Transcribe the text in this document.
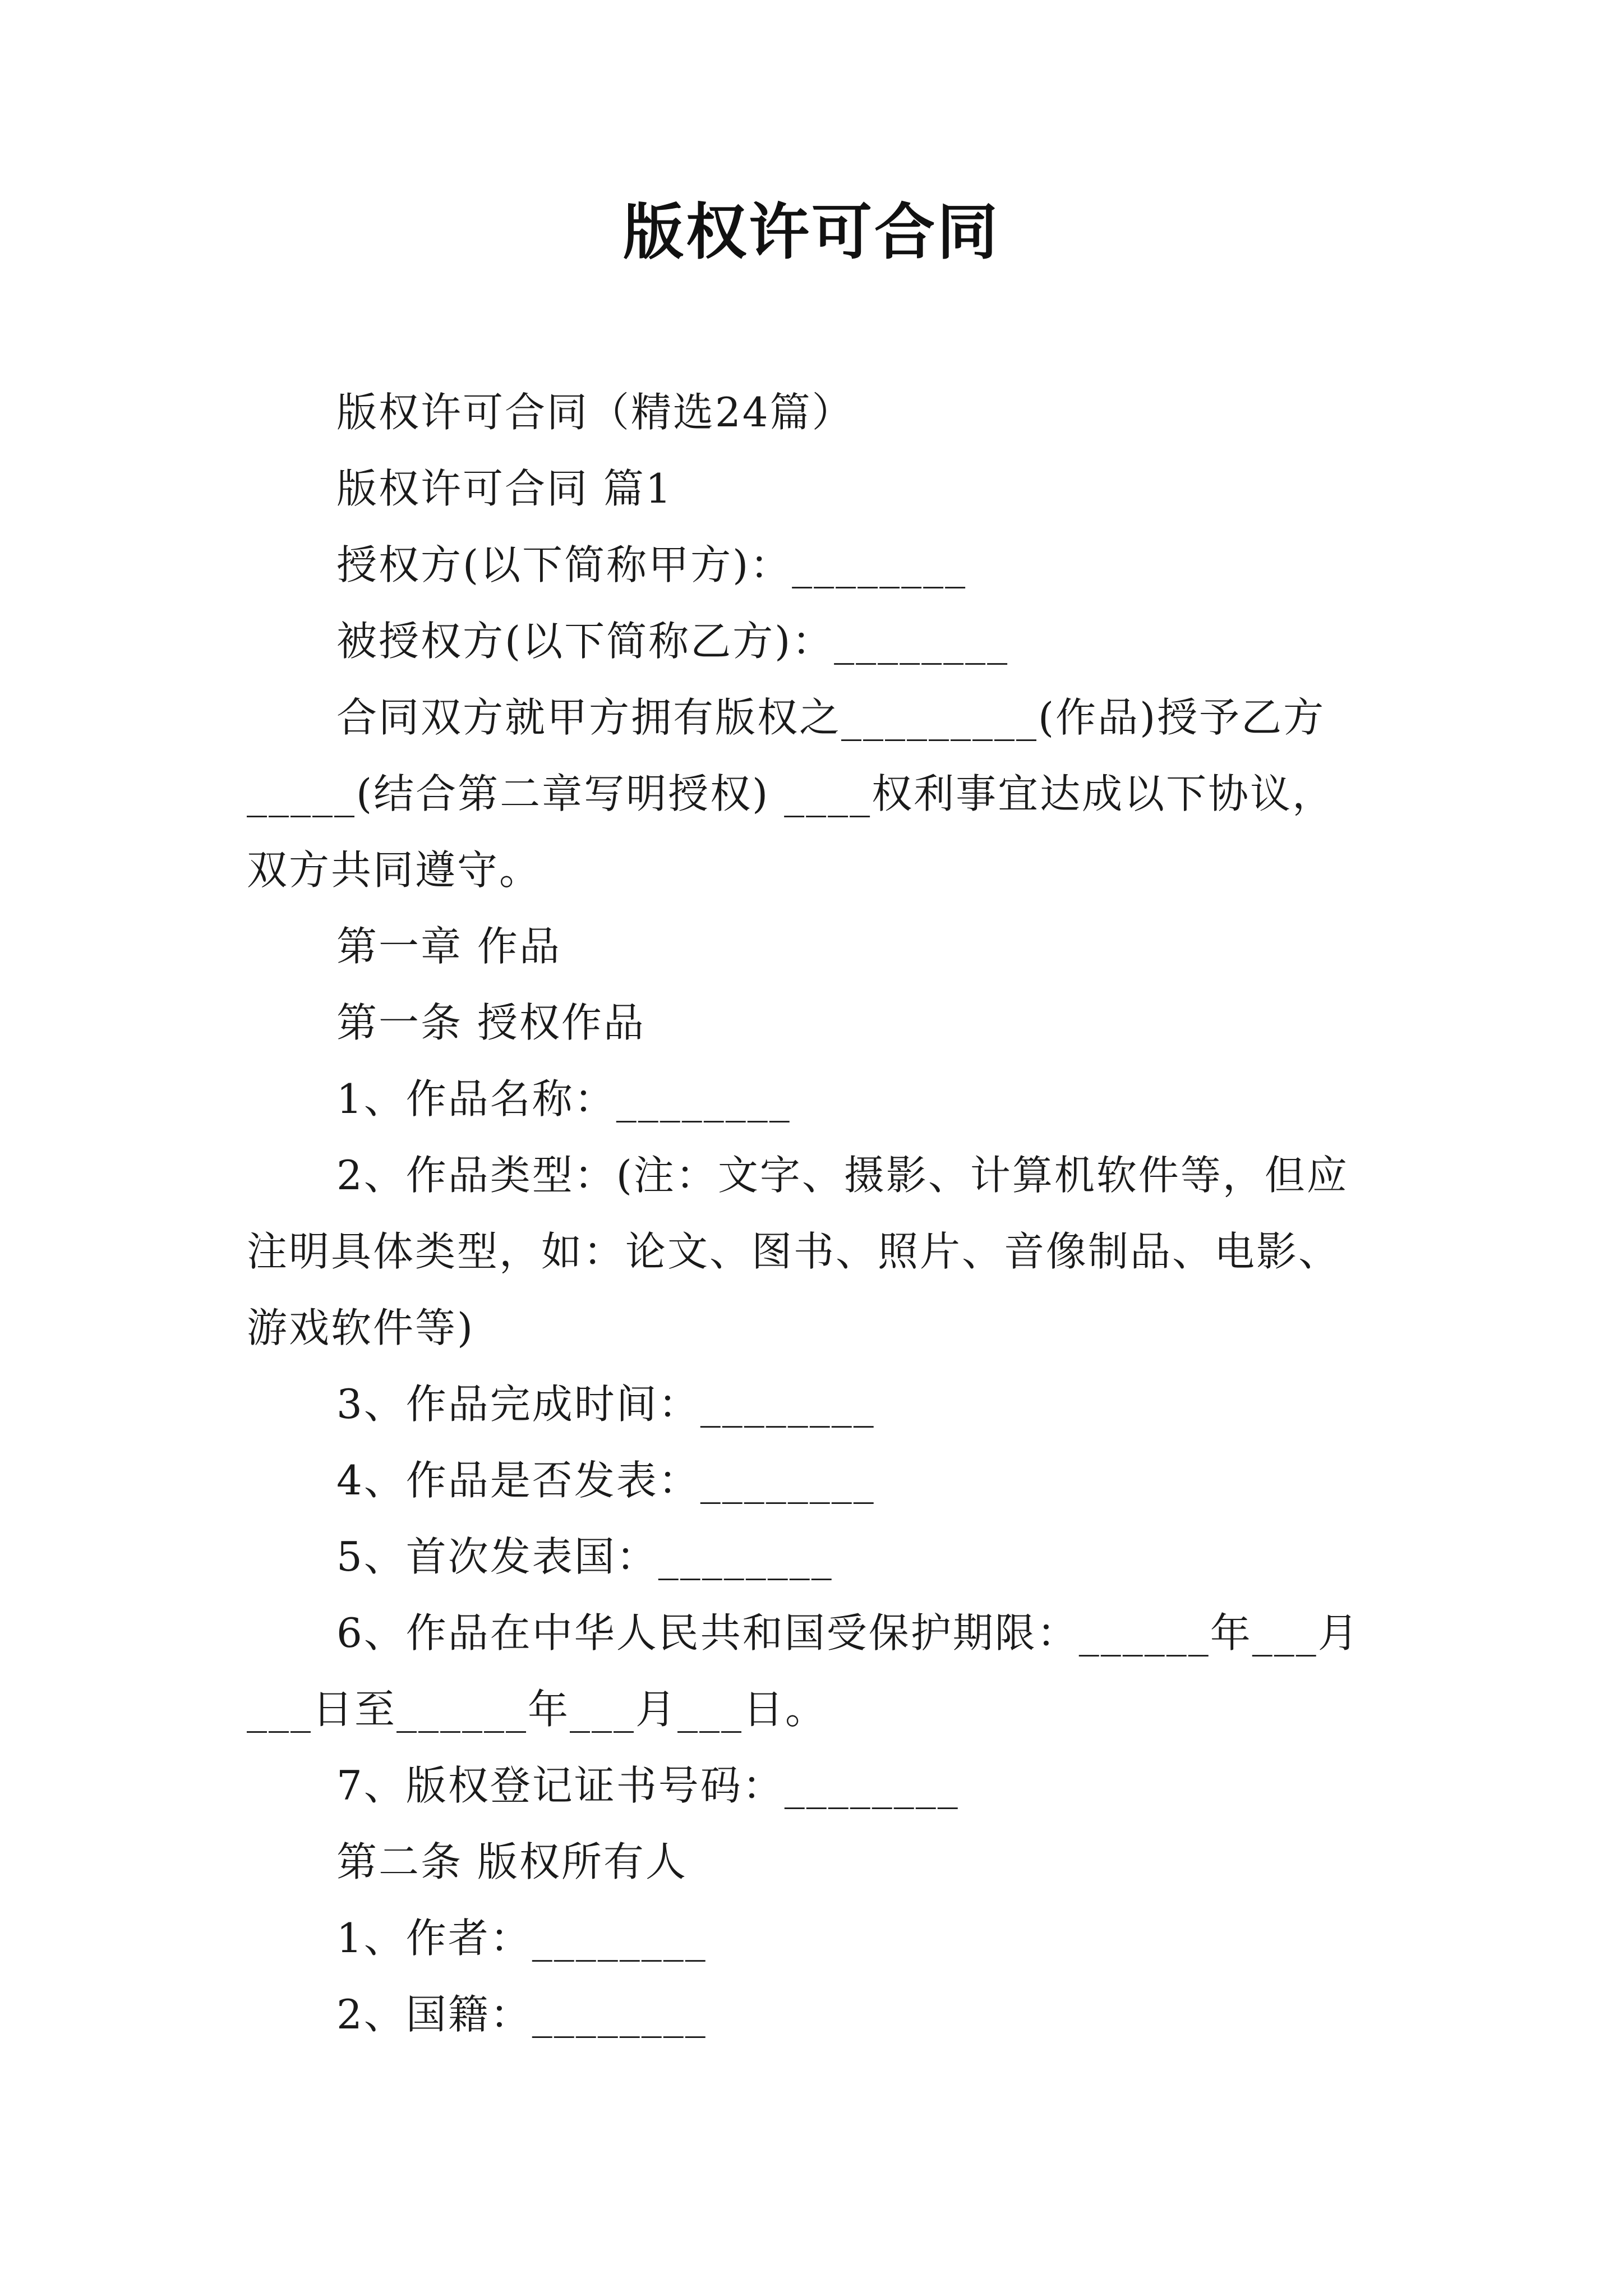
版权许可合同
版权许可合同（精选24篇）
版权许可合同 篇1
授权方(以下简称甲方)：________
被授权方(以下简称乙方)：________
合同双方就甲方拥有版权之_________(作品)授予乙方
_____(结合第二章写明授权) ____权利事宜达成以下协议，
双方共同遵守。
第一章 作品
第一条 授权作品
1、作品名称：________
2、作品类型：(注：文字、摄影、计算机软件等，但应
注明具体类型，如：论文、图书、照片、音像制品、电影、
游戏软件等)
3、作品完成时间：________
4、作品是否发表：________
5、首次发表国：________
6、作品在中华人民共和国受保护期限：______年___月
___日至______年___月___日。
7、版权登记证书号码：________
第二条 版权所有人
1、作者：________
2、国籍：________
